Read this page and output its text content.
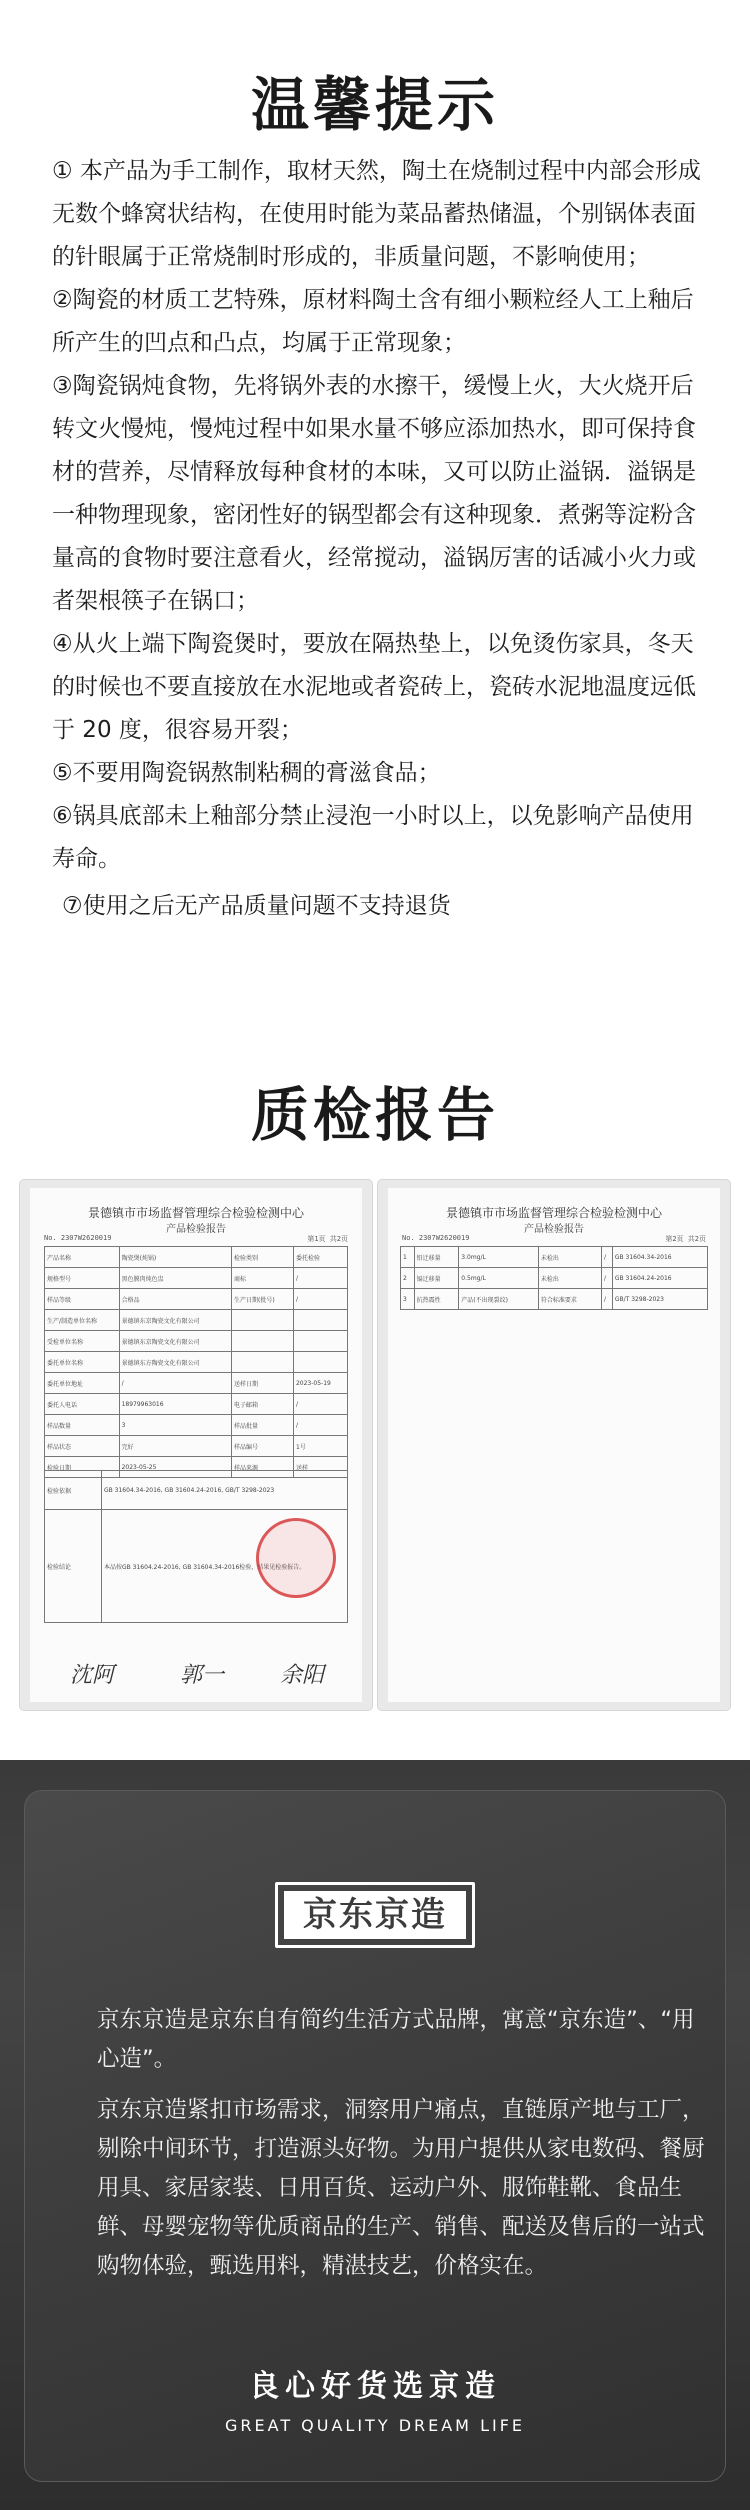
温馨提示

① 本产品为手工制作，取材天然，陶土在烧制过程中内部会形成无数个蜂窝状结构，在使用时能为菜品蓄热储温，个别锅体表面的针眼属于正常烧制时形成的，非质量问题，不影响使用；

②陶瓷的材质工艺特殊，原材料陶土含有细小颗粒经人工上釉后所产生的凹点和凸点，均属于正常现象；

③陶瓷锅炖食物，先将锅外表的水擦干，缓慢上火，大火烧开后转文火慢炖，慢炖过程中如果水量不够应添加热水，即可保持食材的营养，尽情释放每种食材的本味，又可以防止溢锅．溢锅是一种物理现象，密闭性好的锅型都会有这种现象．煮粥等淀粉含量高的食物时要注意看火，经常搅动，溢锅厉害的话减小火力或者架根筷子在锅口；

④从火上端下陶瓷煲时，要放在隔热垫上，以免烫伤家具，冬天的时候也不要直接放在水泥地或者瓷砖上，瓷砖水泥地温度远低于 20 度，很容易开裂；

⑤不要用陶瓷锅熬制粘稠的膏滋食品；

⑥锅具底部未上釉部分禁止浸泡一小时以上，以免影响产品使用寿命。

⑦使用之后无产品质量问题不支持退货

质检报告
No. 2307W2620019	第1页 共2页
景德镇市市场监督管理综合检验检测中心
产品检验报告
产品名称	陶瓷煲(炖锅)	检验类别	委托检验
规格型号	黑色膜肉炖色盅	商标	/
样品等级	合格品	生产日期(批号)	/
生产/制造单位名称	景德镇东京陶瓷文化有限公司		
受检单位名称	景德镇东京陶瓷文化有限公司		
委托单位名称	景德镇东方陶瓷文化有限公司		
委托单位地址	/	送样日期	2023-05-19
委托人电话	18979963016	电子邮箱	/
样品数量	3	样品批量	/
样品状态	完好	样品编号	1号
检验日期	2023-05-25	样品来源	送样
检验依据	GB 31604.34-2016, GB 31604.24-2016, GB/T 3298-2023
检验结论	本品按GB 31604.24-2016, GB 31604.34-2016检验，结果见检验报告。
沈阿	郭一	余阳
No. 2307W2620019	第2页 共2页
景德镇市市场监督管理综合检验检测中心
产品检验报告
1	铅迁移量	3.0mg/L	未检出	/	GB 31604.34-2016
2	镉迁移量	0.5mg/L	未检出	/	GB 31604.24-2016
3	抗热震性	产品(不出现裂纹)	符合标准要求	/	GB/T 3298-2023
京东京造
京东京造是京东自有简约生活方式品牌，寓意“京东造”、“用心造”。
京东京造紧扣市场需求，洞察用户痛点，直链原产地与工厂，剔除中间环节，打造源头好物。为用户提供从家电数码、餐厨用具、家居家装、日用百货、运动户外、服饰鞋靴、食品生鲜、母婴宠物等优质商品的生产、销售、配送及售后的一站式购物体验，甄选用料，精湛技艺，价格实在。
良心好货选京造
GREAT QUALITY DREAM LIFE
